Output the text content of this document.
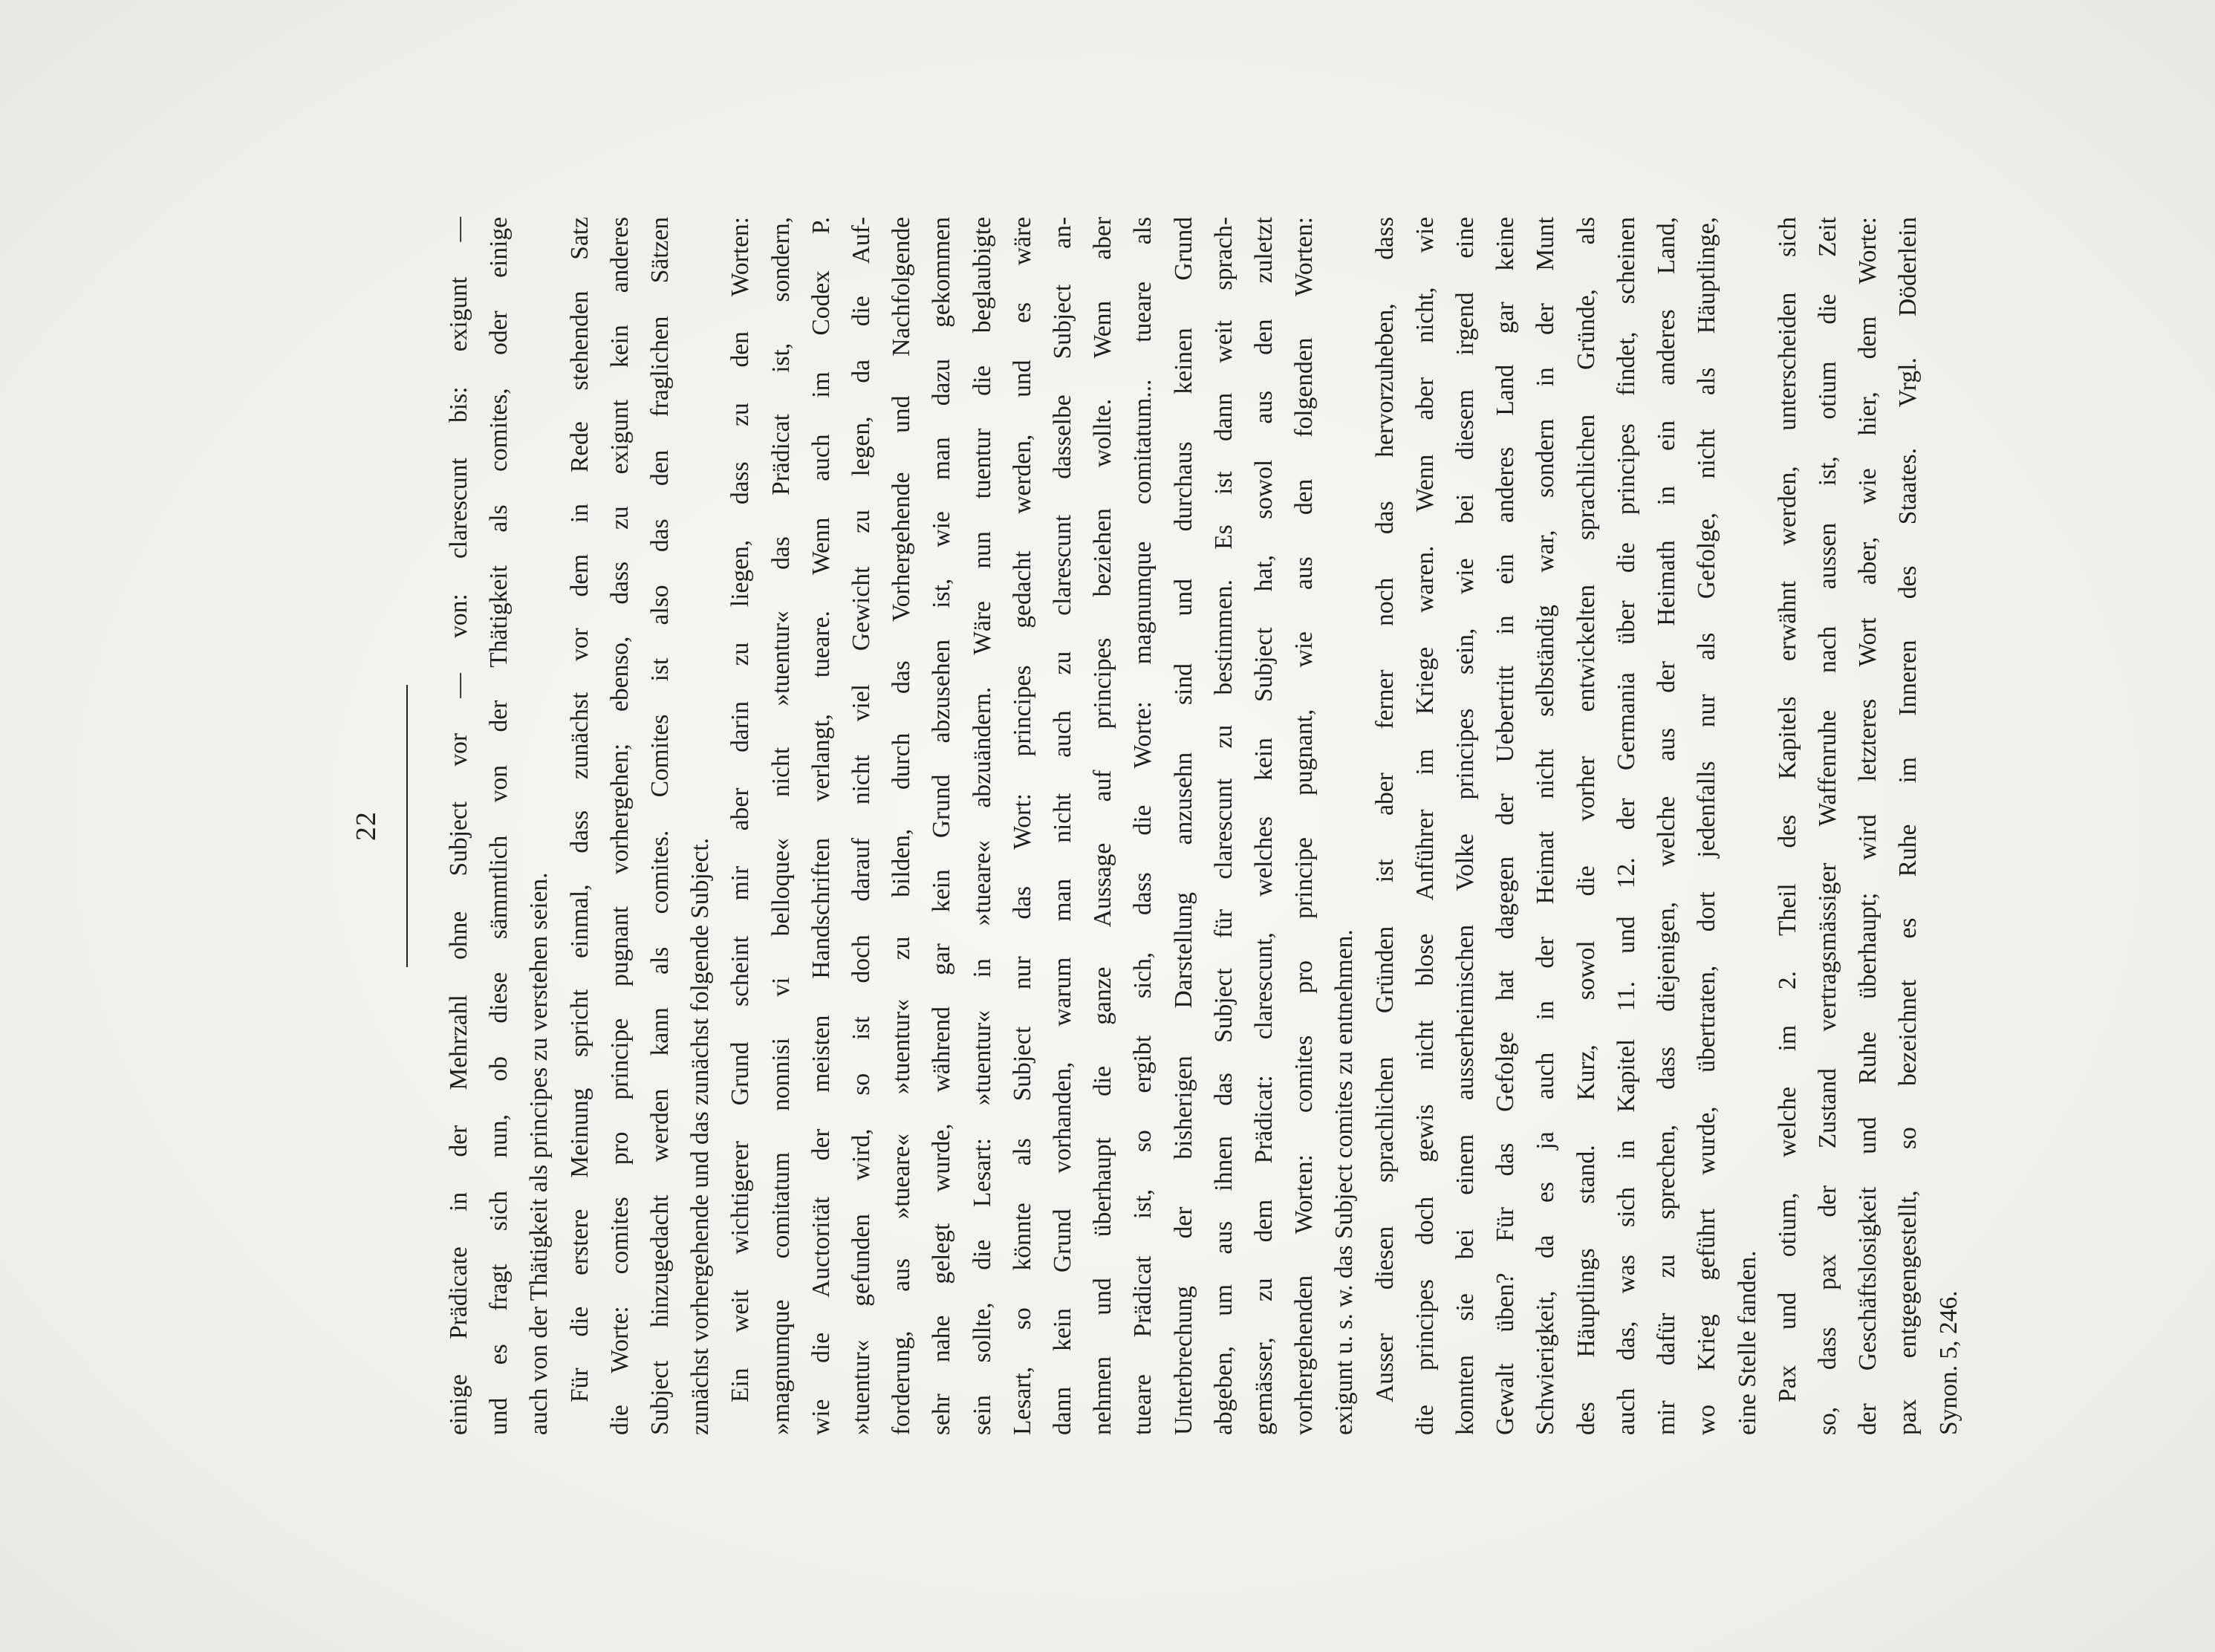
22	einige Prädicate in der Mehrzahl ohne Subject vor — von: clarescunt bis: exigunt — und es fragt sich nun, ob diese sämmtlich von der Thätigkeit als comites, oder einige auch von der Thätigkeit als principes zu verstehen seien. Für die erstere Meinung spricht einmal, dass zunächst vor dem in Rede stehenden Satz die Worte: comites pro principe pugnant vorhergehen; ebenso, dass zu exigunt kein anderes Subject hinzugedacht werden kann als comites. Comites ist also das den fraglichen Sätzen zunächst vorhergehende und das zunächst folgende Subject. Ein weit wichtigerer Grund scheint mir aber darin zu liegen, dass zu den Worten: »magnumque comitatum nonnisi vi belloque« nicht »tuentur« das Prädicat ist, sondern, wie die Auctorität der meisten Handschriften verlangt, tueare. Wenn auch im Codex P. »tuentur« gefunden wird, so ist doch darauf nicht viel Gewicht zu legen, da die Auf- forderung, aus »tueare« »tuentur« zu bilden, durch das Vorhergehende und Nachfolgende sehr nahe gelegt wurde, während gar kein Grund abzusehen ist, wie man dazu gekommen sein sollte, die Lesart: »tuentur« in »tueare« abzuändern. Wäre nun tuentur die beglaubigte Lesart, so könnte als Subject nur das Wort: principes gedacht werden, und es wäre dann kein Grund vorhanden, warum man nicht auch zu clarescunt dasselbe Subject an- nehmen und überhaupt die ganze Aussage auf principes beziehen wollte. Wenn aber tueare Prädicat ist, so ergibt sich, dass die Worte: magnumque comitatum... tueare als Unterbrechung der bisherigen Darstellung anzusehn sind und durchaus keinen Grund abgeben, um aus ihnen das Subject für clarescunt zu bestimmen. Es ist dann weit sprach- gemässer, zu dem Prädicat: clarescunt, welches kein Subject hat, sowol aus den zuletzt vorhergehenden Worten: comites pro principe pugnant, wie aus den folgenden Worten: exigunt u. s. w. das Subject comites zu entnehmen. Ausser diesen sprachlichen Gründen ist aber ferner noch das hervorzuheben, dass die principes doch gewis nicht blose Anführer im Kriege waren. Wenn aber nicht, wie konnten sie bei einem ausserheimischen Volke principes sein, wie bei diesem irgend eine Gewalt üben? Für das Gefolge hat dagegen der Uebertritt in ein anderes Land gar keine Schwierigkeit, da es ja auch in der Heimat nicht selbständig war, sondern in der Munt des Häuptlings stand. Kurz, sowol die vorher entwickelten sprachlichen Gründe, als auch das, was sich in Kapitel 11. und 12. der Germania über die principes findet, scheinen mir dafür zu sprechen, dass diejenigen, welche aus der Heimath in ein anderes Land, wo Krieg geführt wurde, übertraten, dort jedenfalls nur als Gefolge, nicht als Häuptlinge, eine Stelle fanden. Pax und otium, welche im 2. Theil des Kapitels erwähnt werden, unterscheiden sich so, dass pax der Zustand vertragsmässiger Waffenruhe nach aussen ist, otium die Zeit der Geschäftslosigkeit und Ruhe überhaupt; wird letzteres Wort aber, wie hier, dem Worte: pax entgegengestellt, so bezeichnet es Ruhe im Inneren des Staates. Vrgl. Döderlein Synon. 5, 246.
